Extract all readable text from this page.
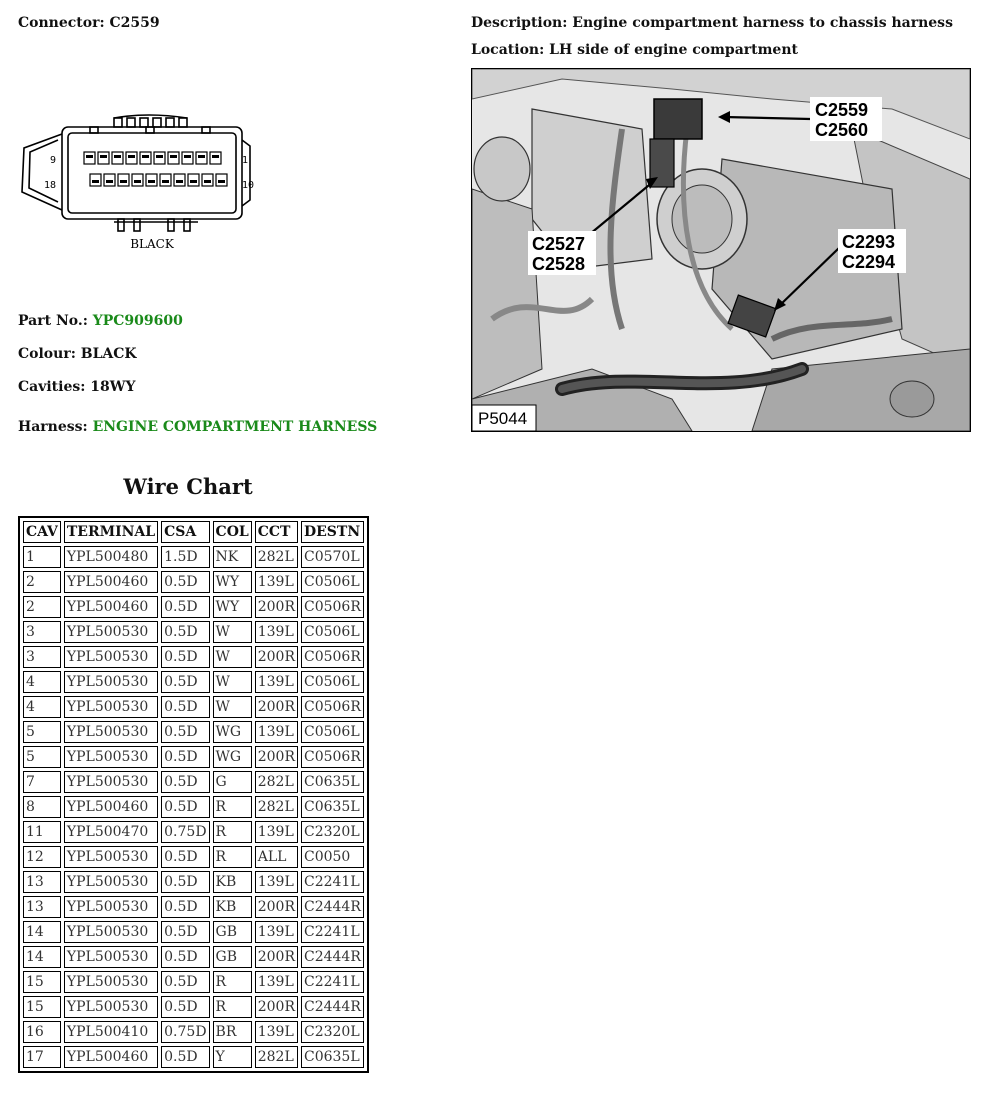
Connector: C2559	Description: Engine compartment harness to chassis harness
Location: LH side of engine compartment
9
18
1
10
BLACK
Part No.: YPC909600
Colour: BLACK
Cavities: 18WY
Harness: ENGINE COMPARTMENT HARNESS
Wire Chart
CAV	TERMINAL	CSA	COL	CCT	DESTN
1	YPL500480	1.5D	NK	282L	C0570L
2	YPL500460	0.5D	WY	139L	C0506L
2	YPL500460	0.5D	WY	200R	C0506R
3	YPL500530	0.5D	W	139L	C0506L
3	YPL500530	0.5D	W	200R	C0506R
4	YPL500530	0.5D	W	139L	C0506L
4	YPL500530	0.5D	W	200R	C0506R
5	YPL500530	0.5D	WG	139L	C0506L
5	YPL500530	0.5D	WG	200R	C0506R
7	YPL500530	0.5D	G	282L	C0635L
8	YPL500460	0.5D	R	282L	C0635L
11	YPL500470	0.75D	R	139L	C2320L
12	YPL500530	0.5D	R	ALL	C0050
13	YPL500530	0.5D	KB	139L	C2241L
13	YPL500530	0.5D	KB	200R	C2444R
14	YPL500530	0.5D	GB	139L	C2241L
14	YPL500530	0.5D	GB	200R	C2444R
15	YPL500530	0.5D	R	139L	C2241L
15	YPL500530	0.5D	R	200R	C2444R
16	YPL500410	0.75D	BR	139L	C2320L
17	YPL500460	0.5D	Y	282L	C0635L
C2559
C2560
C2527
C2528
C2293
C2294
P5044
